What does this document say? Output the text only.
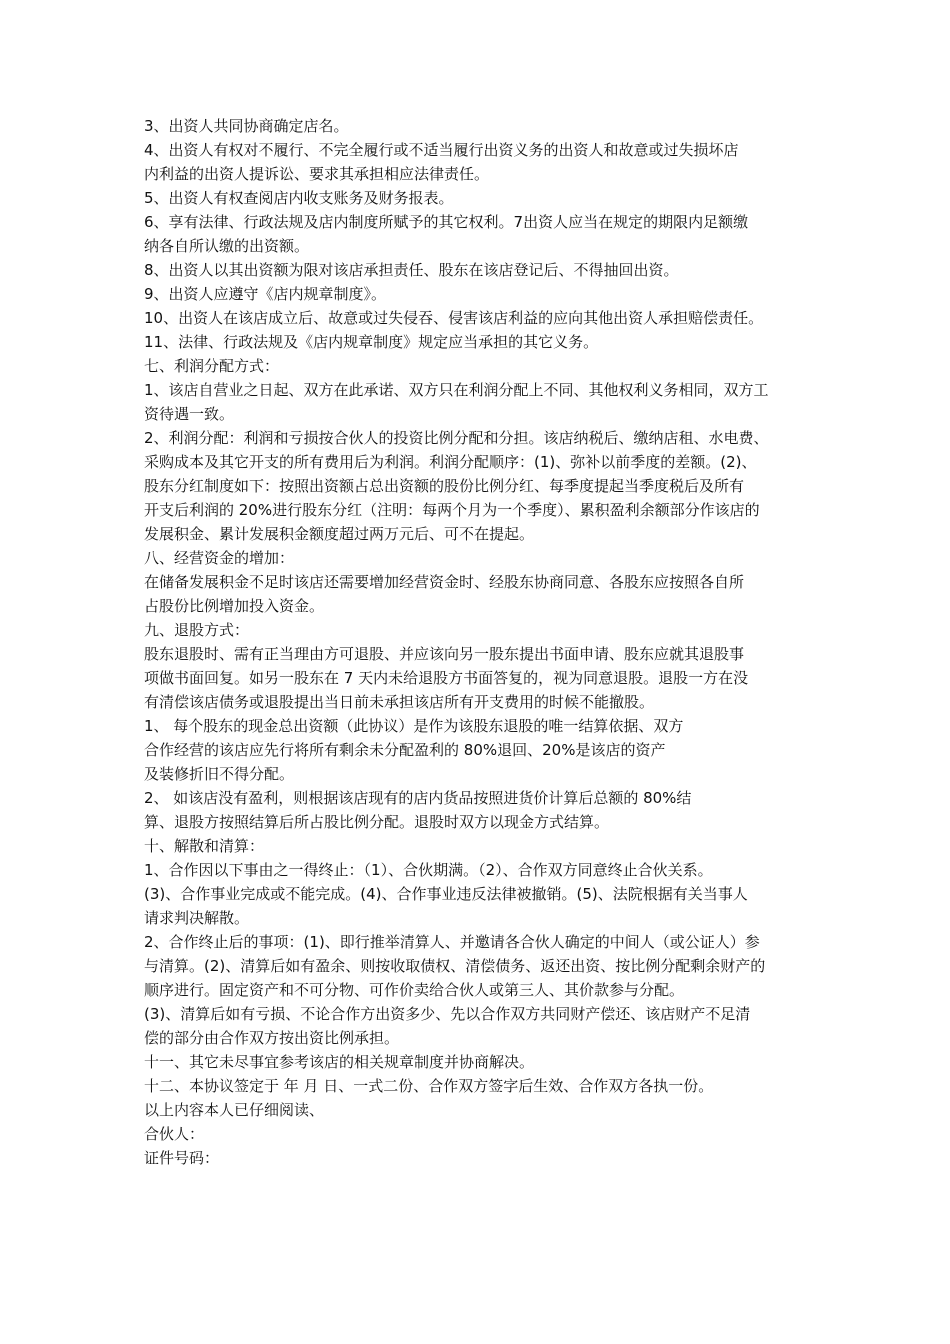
3、出资人共同协商确定店名。
4、出资人有权对不履行、不完全履行或不适当履行出资义务的出资人和故意或过失损坏店
内利益的出资人提诉讼、要求其承担相应法律责任。
5、出资人有权查阅店内收支账务及财务报表。
6、享有法律、行政法规及店内制度所赋予的其它权利。7出资人应当在规定的期限内足额缴
纳各自所认缴的出资额。
8、出资人以其出资额为限对该店承担责任、股东在该店登记后、不得抽回出资。
9、出资人应遵守《店内规章制度》。
10、出资人在该店成立后、故意或过失侵吞、侵害该店利益的应向其他出资人承担赔偿责任。
11、法律、行政法规及《店内规章制度》规定应当承担的其它义务。
七、利润分配方式：
1、该店自营业之日起、双方在此承诺、双方只在利润分配上不同、其他权利义务相同，双方工
资待遇一致。
2、利润分配：利润和亏损按合伙人的投资比例分配和分担。该店纳税后、缴纳店租、水电费、
采购成本及其它开支的所有费用后为利润。利润分配顺序：(1)、弥补以前季度的差额。(2)、
股东分红制度如下：按照出资额占总出资额的股份比例分红、每季度提起当季度税后及所有
开支后利润的 20%进行股东分红（注明：每两个月为一个季度）、累积盈利余额部分作该店的
发展积金、累计发展积金额度超过两万元后、可不在提起。
八、经营资金的增加：
在储备发展积金不足时该店还需要增加经营资金时、经股东协商同意、各股东应按照各自所
占股份比例增加投入资金。
九、退股方式：
股东退股时、需有正当理由方可退股、并应该向另一股东提出书面申请、股东应就其退股事
项做书面回复。如另一股东在 7 天内未给退股方书面答复的，视为同意退股。退股一方在没
有清偿该店债务或退股提出当日前未承担该店所有开支费用的时候不能撤股。
1、 每个股东的现金总出资额（此协议）是作为该股东退股的唯一结算依据、双方
合作经营的该店应先行将所有剩余未分配盈利的 80%退回、20%是该店的资产
及装修折旧不得分配。
2、 如该店没有盈利，则根据该店现有的店内货品按照进货价计算后总额的 80%结
算、退股方按照结算后所占股比例分配。退股时双方以现金方式结算。
十、解散和清算：
1、合作因以下事由之一得终止：（1）、合伙期满。（2）、合作双方同意终止合伙关系。
(3)、合作事业完成或不能完成。(4)、合作事业违反法律被撤销。(5)、法院根据有关当事人
请求判决解散。
2、合作终止后的事项：(1)、即行推举清算人、并邀请各合伙人确定的中间人（或公证人）参
与清算。(2)、清算后如有盈余、则按收取债权、清偿债务、返还出资、按比例分配剩余财产的
顺序进行。固定资产和不可分物、可作价卖给合伙人或第三人、其价款参与分配。
(3)、清算后如有亏损、不论合作方出资多少、先以合作双方共同财产偿还、该店财产不足清
偿的部分由合作双方按出资比例承担。
十一、其它未尽事宜参考该店的相关规章制度并协商解决。
十二、本协议签定于 年 月 日、一式二份、合作双方签字后生效、合作双方各执一份。
以上内容本人已仔细阅读、
合伙人：
证件号码：
